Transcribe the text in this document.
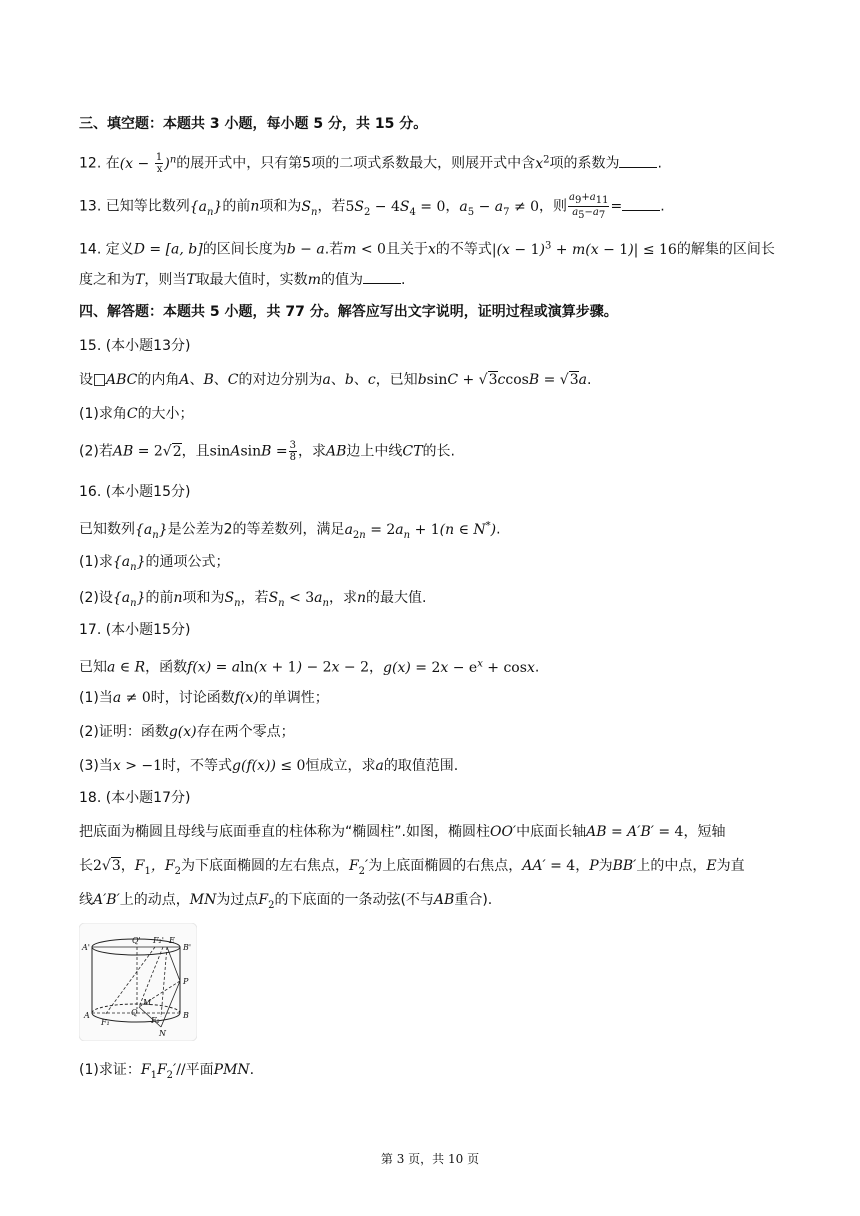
三、填空题：本题共 3 小题，每小题 5 分，共 15 分。
12. 在$(x - \frac{1}{x} )^n$的展开式中，只有第5项的二项式系数最大，则展开式中含$x^2$项的系数为	.
13. 已知等比数列$\{a_n\}$的前n项和为$S_n$，若$5S_2 - 4S_4 = 0$，$a_5 - a_7 \ne 0$，则 $\frac{a_9+a_{11}}{a_5-a_7}$ =	.
14. 定义D = [a, b]的区间长度为b − a.若m < 0且关于x的不等式$|(x - 1)^3 + m(x - 1)| \le 16$的解集的区间长
度之和为T，则当T取最大值时，实数m的值为	.
四、解答题：本题共 5 小题，共 77 分。解答应写出文字说明，证明过程或演算步骤。
15. (本小题13分)
设 ABC的内角A、B、C的对边分别为a、b、c，已知bsinC + √3ccosB = √3a.
(1)求角C的大小；
(2)若AB = 2√2，且sinAsinB = $\frac{3}{8}$ ，求AB边上中线CT的长.
16. (本小题15分)
已知数列$\{a_n\}$是公差为2的等差数列，满足$a_{2n} = 2a_n + 1(n$ ∈ N*).
(1)求$\{a_n\}$的通项公式；
(2)设$\{a_n\}$的前n项和为$S_n$，若$S_n < 3a_n$，求n的最大值.
17. (本小题15分)
已知a ∈ R，函数f(x) = aln(x + 1) − 2x − 2，$g(x) = 2x - e^x + \cos x$.
(1)当a ≠ 0时，讨论函数f(x)的单调性；
(2)证明：函数g(x)存在两个零点；
(3)当x > −1时，不等式g(f(x)) ≤ 0恒成立，求a的取值范围.
18. (本小题17分)
把底面为椭圆且母线与底面垂直的柱体称为“椭圆柱”.如图，椭圆柱OO′中底面长轴AB = A′B′ = 4，短轴
长2√3，$F_1$，$F_2$为下底面椭圆的左右焦点，$F_2'$为上底面椭圆的右焦点，AA′ = 4，P为BB′上的中点，E为直
线A′B′上的动点，MN为过点$F_2$的下底面的一条动弦(不与AB重合).
A'
Q' F₂' E
B'
P
M
Q
A
F₁	F₂
B
N
(1)求证：$F_1F_2'//$平面PMN.
第 3 页，共 10 页
